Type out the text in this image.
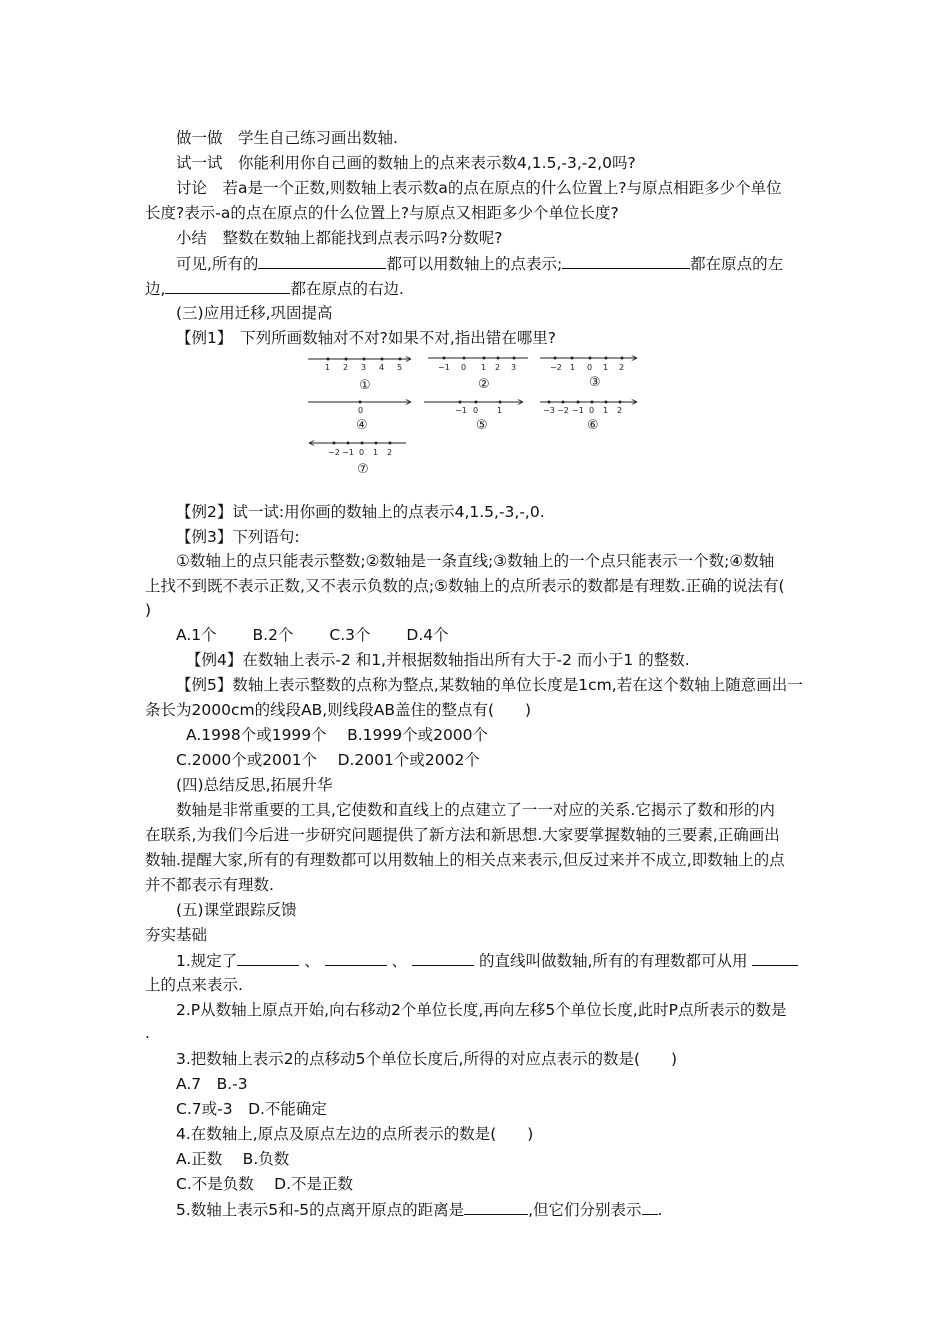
做一做　学生自己练习画出数轴.
试一试　你能利用你自己画的数轴上的点来表示数4,1.5,-3,-2,0吗?
讨论　若a是一个正数,则数轴上表示数a的点在原点的什么位置上?与原点相距多少个单位
长度?表示-a的点在原点的什么位置上?与原点又相距多少个单位长度?
小结　整数在数轴上都能找到点表示吗?分数呢?
可见,所有的	都可以用数轴上的点表示;	都在原点的左
边,	都在原点的右边.
(三)应用迁移,巩固提高
【例1】　下列所画数轴对不对?如果不对,指出错在哪里?
1 2 3 4 5
①
−1 0 1 2 3
②
−2 1 0 1 2
③
0
④
−1 0 1
⑤
−3 −2 −1 0 1 2
⑥
−2 −1 0 1 2
⑦
【例2】试一试:用你画的数轴上的点表示4,1.5,-3,-,0.
【例3】下列语句:
①数轴上的点只能表示整数;②数轴是一条直线;③数轴上的一个点只能表示一个数;④数轴
上找不到既不表示正数,又不表示负数的点;⑤数轴上的点所表示的数都是有理数.正确的说法有(
)
A.1个　　 B.2个　　 C.3个　　 D.4个
【例4】在数轴上表示-2 和1,并根据数轴指出所有大于-2 而小于1 的整数.
【例5】数轴上表示整数的点称为整点,某数轴的单位长度是1cm,若在这个数轴上随意画出一
条长为2000cm的线段AB,则线段AB盖住的整点有(　　)
A.1998个或1999个　 B.1999个或2000个
C.2000个或2001个　 D.2001个或2002个
(四)总结反思,拓展升华
数轴是非常重要的工具,它使数和直线上的点建立了一一对应的关系.它揭示了数和形的内
在联系,为我们今后进一步研究问题提供了新方法和新思想.大家要掌握数轴的三要素,正确画出
数轴.提醒大家,所有的有理数都可以用数轴上的相关点来表示,但反过来并不成立,即数轴上的点
并不都表示有理数.
(五)课堂跟踪反馈
夯实基础
1.规定了	、	、	的直线叫做数轴,所有的有理数都可从用
上的点来表示.
2.P从数轴上原点开始,向右移动2个单位长度,再向左移5个单位长度,此时P点所表示的数是
.
3.把数轴上表示2的点移动5个单位长度后,所得的对应点表示的数是(　　)
A.7　B.-3
C.7或-3　D.不能确定
4.在数轴上,原点及原点左边的点所表示的数是(　　)
A.正数　 B.负数
C.不是负数　 D.不是正数
5.数轴上表示5和-5的点离开原点的距离是	,但它们分别表示 .
